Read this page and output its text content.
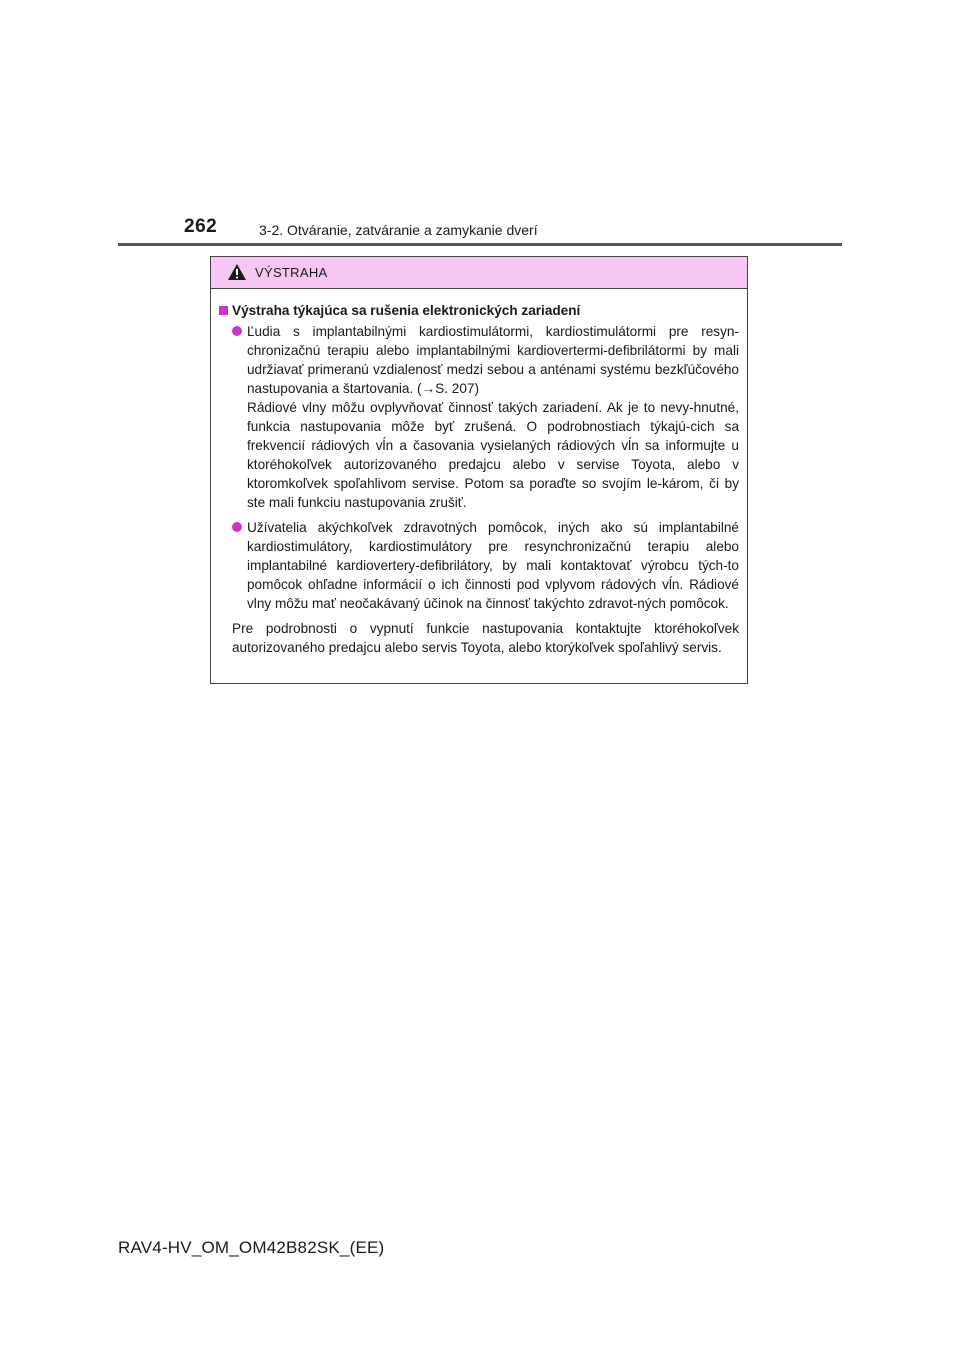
262	3-2. Otváranie, zatváranie a zamykanie dverí
VÝSTRAHA
Výstraha týkajúca sa rušenia elektronických zariadení

Ľudia s implantabilnými kardiostimulátormi, kardiostimulátormi pre resyn-chronizačnú terapiu alebo implantabilnými kardiovertermi-defibrilátormi by mali udržiavať primeranú vzdialenosť medzi sebou a anténami systému bezkľúčového nastupovania a štartovania. (→S. 207)

Rádiové vlny môžu ovplyvňovať činnosť takých zariadení. Ak je to nevy-hnutné, funkcia nastupovania môže byť zrušená. O podrobnostiach týkajú-cich sa frekvencií rádiových vĺn a časovania vysielaných rádiových vĺn sa informujte u ktoréhokoľvek autorizovaného predajcu alebo v servise Toyota, alebo v ktoromkoľvek spoľahlivom servise. Potom sa poraďte so svojím le-károm, či by ste mali funkciu nastupovania zrušiť.

Užívatelia akýchkoľvek zdravotných pomôcok, iných ako sú implantabilné kardiostimulátory, kardiostimulátory pre resynchronizačnú terapiu alebo implantabilné kardiovertery-defibrilátory, by mali kontaktovať výrobcu tých-to pomôcok ohľadne informácií o ich činnosti pod vplyvom rádových vĺn. Rádiové vlny môžu mať neočakávaný účinok na činnosť takýchto zdravot-ných pomôcok.

Pre podrobnosti o vypnutí funkcie nastupovania kontaktujte ktoréhokoľvek autorizovaného predajcu alebo servis Toyota, alebo ktorýkoľvek spoľahlivý servis.

RAV4-HV_OM_OM42B82SK_(EE)
